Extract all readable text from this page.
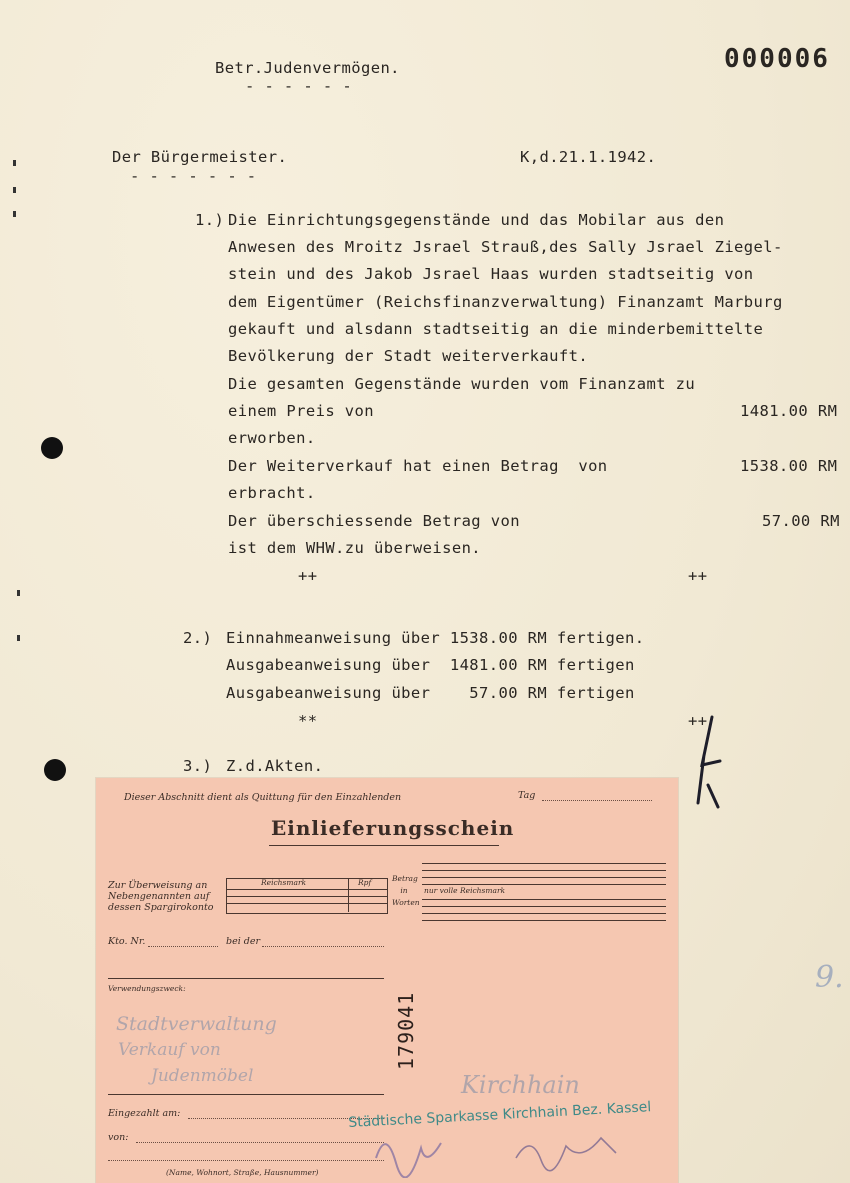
000006
Betr.Judenvermögen.
- - - - - -
Der Bürgermeister.	K,d.21.1.1942.
- - - - - - -
1.) Die Einrichtungsgegenstände und das Mobilar aus den
Anwesen des Mroitz Jsrael Strauß,des Sally Jsrael Ziegel-
stein und des Jakob Jsrael Haas wurden stadtseitig von
dem Eigentümer (Reichsfinanzverwaltung) Finanzamt Marburg
gekauft und alsdann stadtseitig an die minderbemittelte
Bevölkerung der Stadt weiterverkauft.
Die gesamten Gegenstände wurden vom Finanzamt zu
einem Preis von	1481.00 RM
erworben.
Der Weiterverkauf hat einen Betrag  von	1538.00 RM
erbracht.
Der überschiessende Betrag von	57.00 RM
ist dem WHW.zu überweisen.
++	++
2.) Einnahmeanweisung über 1538.00 RM fertigen.
Ausgabeanweisung über  1481.00 RM fertigen
Ausgabeanweisung über    57.00 RM fertigen
**	++
3.) Z.d.Akten.
9.
Dieser Abschnitt dient als Quittung für den Einzahlenden	Tag
Einlieferungsschein
Zur Überweisung an
Nebengenannten auf
dessen Spargirokonto
Reichsmark	Rpf	Betrag
in
Worten
nur volle Reichsmark
Kto. Nr.	bei der
Verwendungszweck:
Stadtverwaltung
Verkauf von
Judenmöbel	Kirchhain
179041
Eingezahlt am:
von:
(Name, Wohnort, Straße, Hausnummer)
Städtische Sparkasse Kirchhain Bez. Kassel
